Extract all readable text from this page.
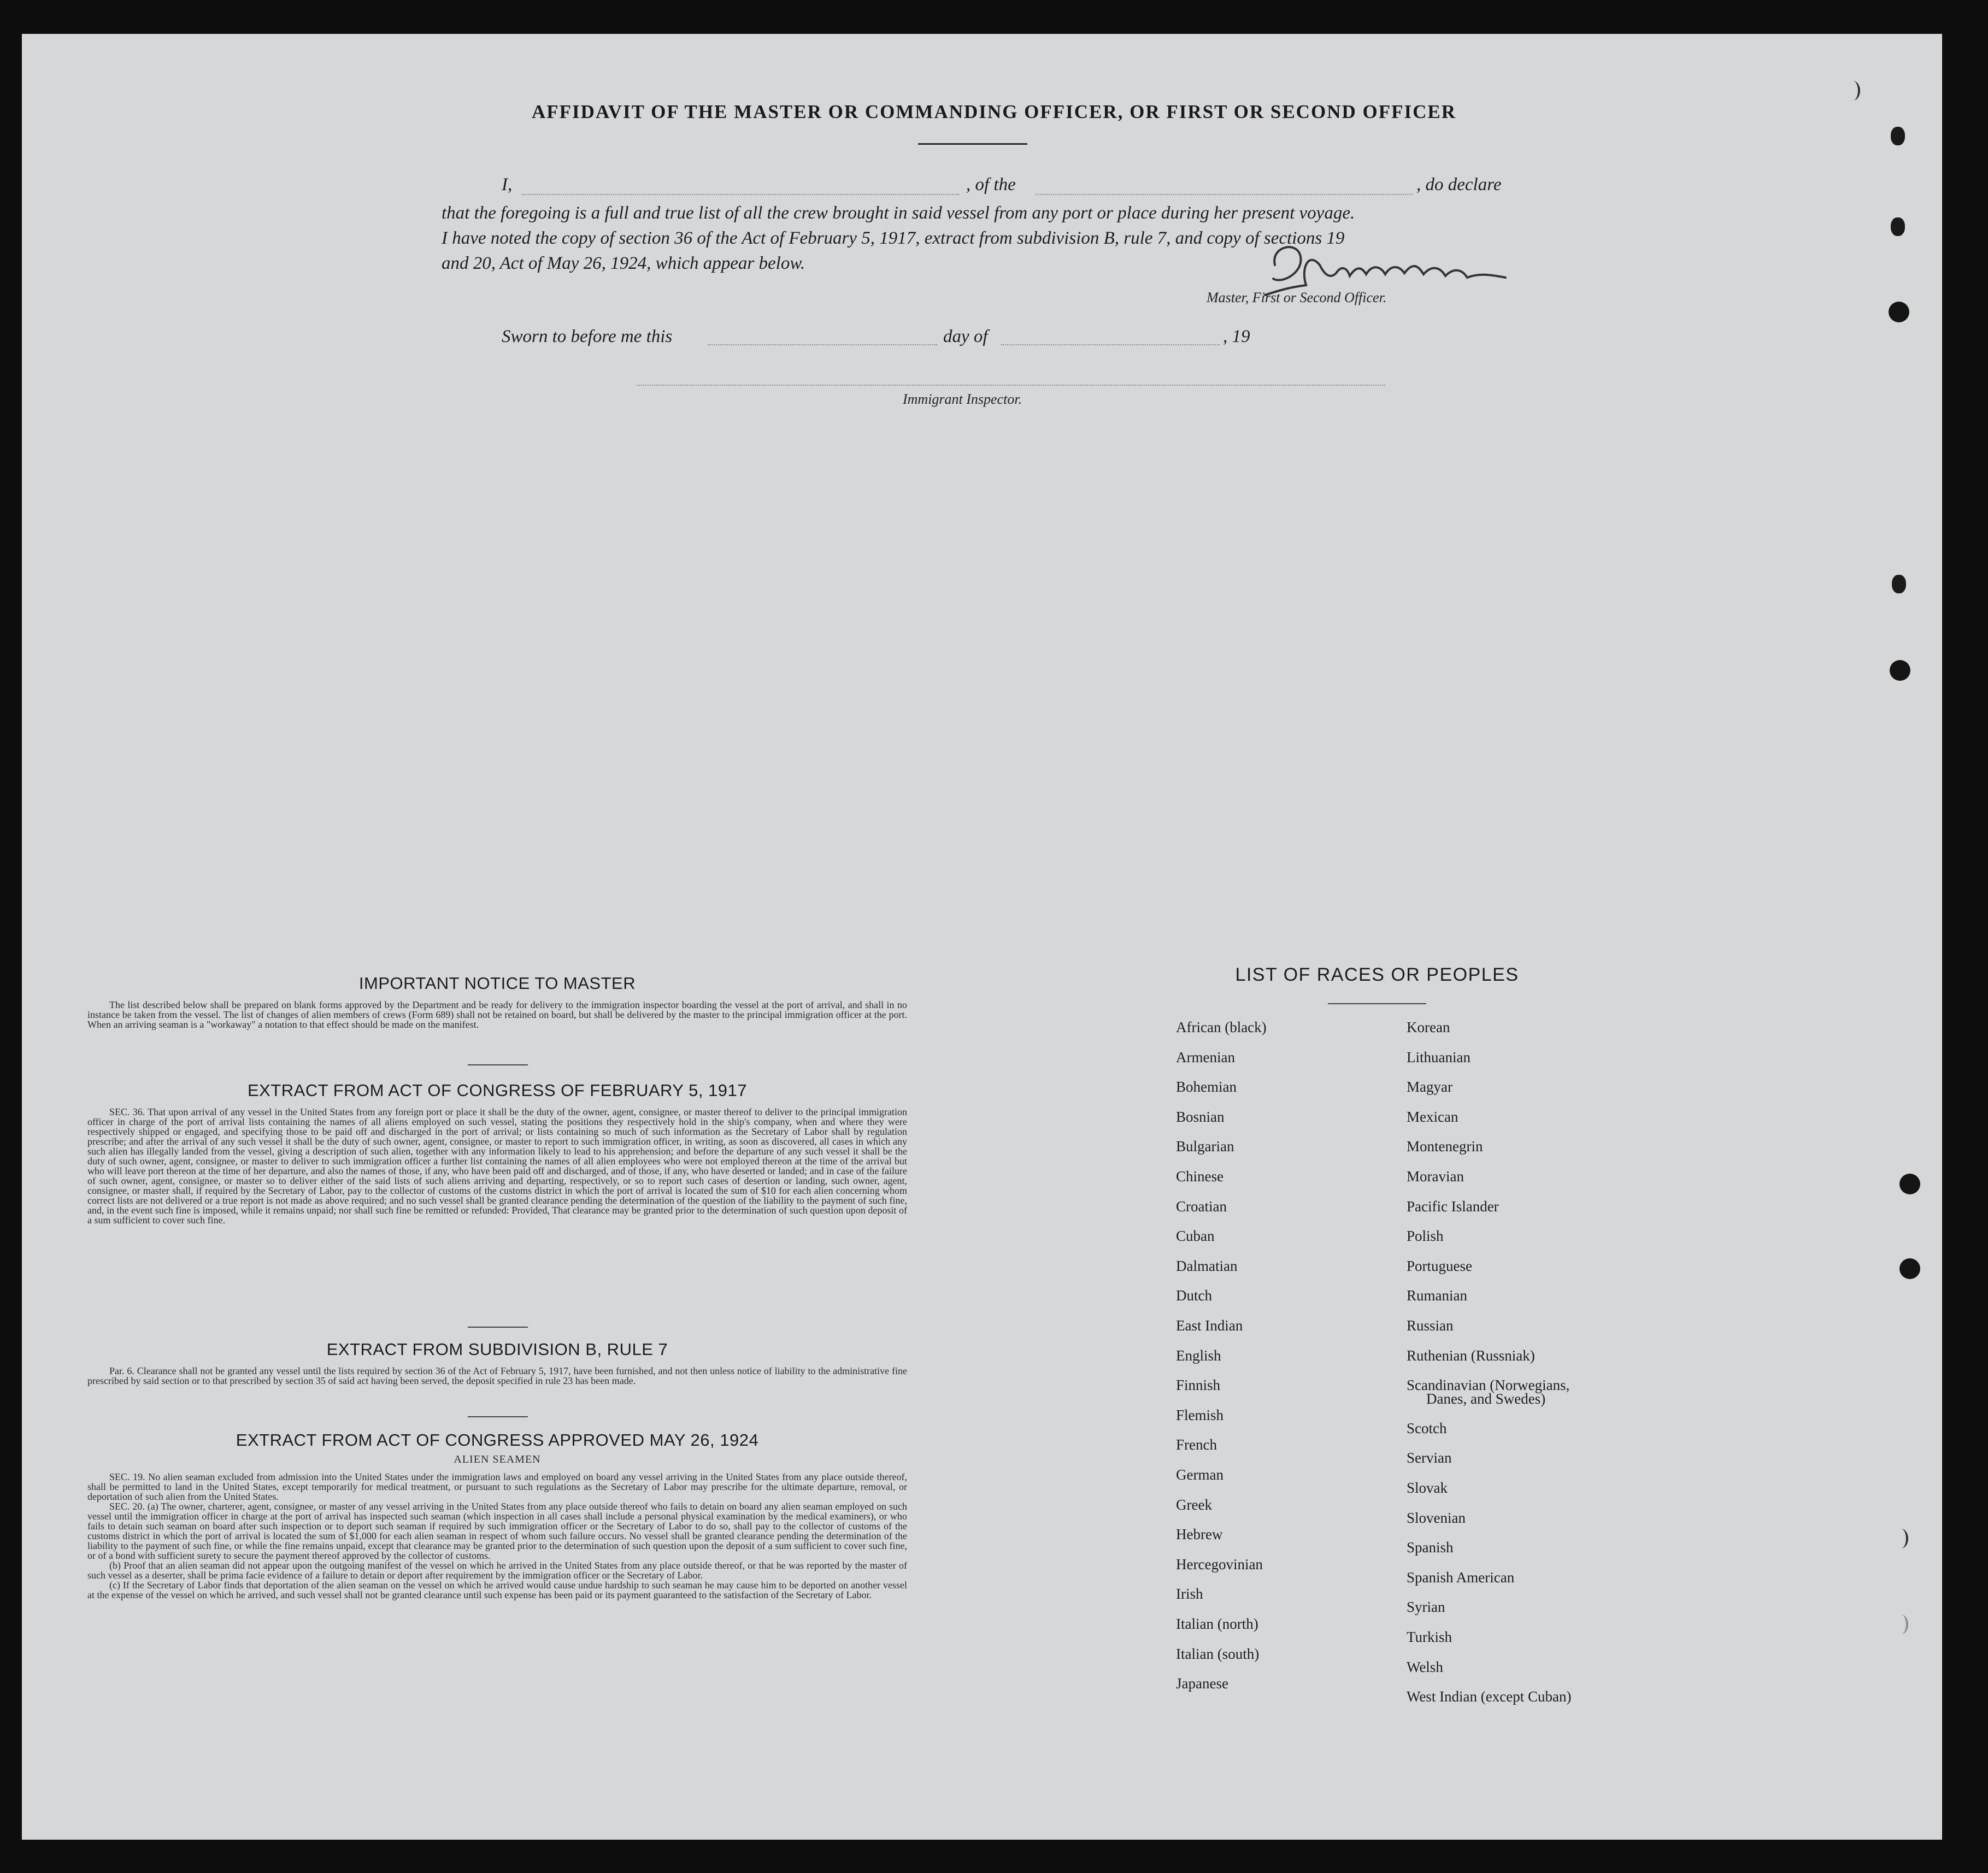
AFFIDAVIT OF THE MASTER OR COMMANDING OFFICER, OR FIRST OR SECOND OFFICER
I,	, of the	, do declare
that the foregoing is a full and true list of all the crew brought in said vessel from any port or place during her present voyage.
I have noted the copy of section 36 of the Act of February 5, 1917, extract from subdivision B, rule 7, and copy of sections 19
and 20, Act of May 26, 1924, which appear below.
Master, First or Second Officer.
Sworn to before me this	day of	, 19
Immigrant Inspector.
IMPORTANT NOTICE TO MASTER

The list described below shall be prepared on blank forms approved by the Department and be ready for delivery to the immigration inspector boarding the vessel at the port of arrival, and shall in no instance be taken from the vessel. The list of changes of alien members of crews (Form 689) shall not be retained on board, but shall be delivered by the master to the principal immigration officer at the port. When an arriving seaman is a "workaway" a notation to that effect should be made on the manifest.

EXTRACT FROM ACT OF CONGRESS OF FEBRUARY 5, 1917

SEC. 36. That upon arrival of any vessel in the United States from any foreign port or place it shall be the duty of the owner, agent, consignee, or master thereof to deliver to the principal immigration officer in charge of the port of arrival lists containing the names of all aliens employed on such vessel, stating the positions they respectively hold in the ship's company, when and where they were respectively shipped or engaged, and specifying those to be paid off and discharged in the port of arrival; or lists containing so much of such information as the Secretary of Labor shall by regulation prescribe; and after the arrival of any such vessel it shall be the duty of such owner, agent, consignee, or master to report to such immigration officer, in writing, as soon as discovered, all cases in which any such alien has illegally landed from the vessel, giving a description of such alien, together with any information likely to lead to his apprehension; and before the departure of any such vessel it shall be the duty of such owner, agent, consignee, or master to deliver to such immigration officer a further list containing the names of all alien employees who were not employed thereon at the time of the arrival but who will leave port thereon at the time of her departure, and also the names of those, if any, who have been paid off and discharged, and of those, if any, who have deserted or landed; and in case of the failure of such owner, agent, consignee, or master so to deliver either of the said lists of such aliens arriving and departing, respectively, or so to report such cases of desertion or landing, such owner, agent, consignee, or master shall, if required by the Secretary of Labor, pay to the collector of customs of the customs district in which the port of arrival is located the sum of $10 for each alien concerning whom correct lists are not delivered or a true report is not made as above required; and no such vessel shall be granted clearance pending the determination of the question of the liability to the payment of such fine, and, in the event such fine is imposed, while it remains unpaid; nor shall such fine be remitted or refunded: Provided, That clearance may be granted prior to the determination of such question upon deposit of a sum sufficient to cover such fine.

EXTRACT FROM SUBDIVISION B, RULE 7

Par. 6. Clearance shall not be granted any vessel until the lists required by section 36 of the Act of February 5, 1917, have been furnished, and not then unless notice of liability to the administrative fine prescribed by said section or to that prescribed by section 35 of said act having been served, the deposit specified in rule 23 has been made.

EXTRACT FROM ACT OF CONGRESS APPROVED MAY 26, 1924
ALIEN SEAMEN

SEC. 19. No alien seaman excluded from admission into the United States under the immigration laws and employed on board any vessel arriving in the United States from any place outside thereof, shall be permitted to land in the United States, except temporarily for medical treatment, or pursuant to such regulations as the Secretary of Labor may prescribe for the ultimate departure, removal, or deportation of such alien from the United States.

SEC. 20. (a) The owner, charterer, agent, consignee, or master of any vessel arriving in the United States from any place outside thereof who fails to detain on board any alien seaman employed on such vessel until the immigration officer in charge at the port of arrival has inspected such seaman (which inspection in all cases shall include a personal physical examination by the medical examiners), or who fails to detain such seaman on board after such inspection or to deport such seaman if required by such immigration officer or the Secretary of Labor to do so, shall pay to the collector of customs of the customs district in which the port of arrival is located the sum of $1,000 for each alien seaman in respect of whom such failure occurs. No vessel shall be granted clearance pending the determination of the liability to the payment of such fine, or while the fine remains unpaid, except that clearance may be granted prior to the determination of such question upon the deposit of a sum sufficient to cover such fine, or of a bond with sufficient surety to secure the payment thereof approved by the collector of customs.

(b) Proof that an alien seaman did not appear upon the outgoing manifest of the vessel on which he arrived in the United States from any place outside thereof, or that he was reported by the master of such vessel as a deserter, shall be prima facie evidence of a failure to detain or deport after requirement by the immigration officer or the Secretary of Labor.

(c) If the Secretary of Labor finds that deportation of the alien seaman on the vessel on which he arrived would cause undue hardship to such seaman he may cause him to be deported on another vessel at the expense of the vessel on which he arrived, and such vessel shall not be granted clearance until such expense has been paid or its payment guaranteed to the satisfaction of the Secretary of Labor.

LIST OF RACES OR PEOPLES
African (black)
Armenian
Bohemian
Bosnian
Bulgarian
Chinese
Croatian
Cuban
Dalmatian
Dutch
East Indian
English
Finnish
Flemish
French
German
Greek
Hebrew
Hercegovinian
Irish
Italian (north)
Italian (south)
Japanese
Korean
Lithuanian
Magyar
Mexican
Montenegrin
Moravian
Pacific Islander
Polish
Portuguese
Rumanian
Russian
Ruthenian (Russniak)
Scandinavian (Norwegians,
Danes, and Swedes)
Scotch
Servian
Slovak
Slovenian
Spanish
Spanish American
Syrian
Turkish
Welsh
West Indian (except Cuban)
